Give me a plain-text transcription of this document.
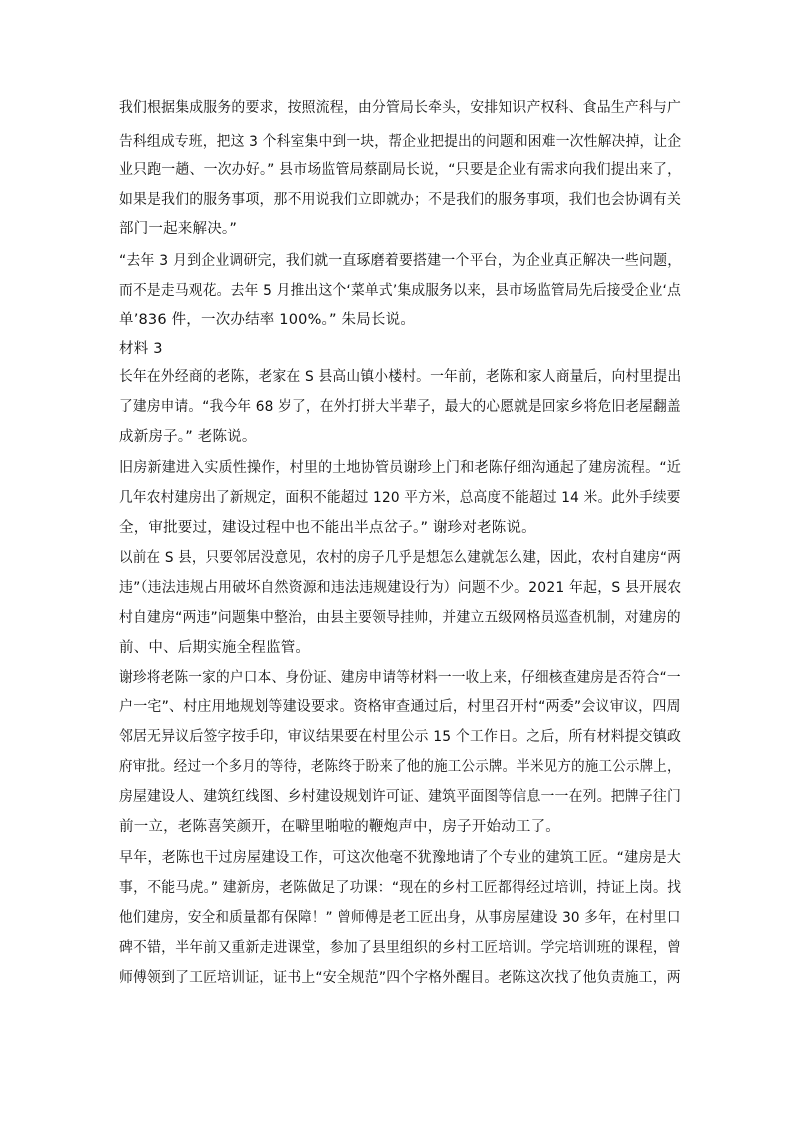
我们根据集成服务的要求，按照流程，由分管局长牵头，安排知识产权科、食品生产科与广
告科组成专班，把这 3 个科室集中到一块，帮企业把提出的问题和困难一次性解决掉，让企
业只跑一趟、一次办好。” 县市场监管局蔡副局长说，“只要是企业有需求向我们提出来了，
如果是我们的服务事项，那不用说我们立即就办；不是我们的服务事项，我们也会协调有关
部门一起来解决。”
“去年 3 月到企业调研完，我们就一直琢磨着要搭建一个平台，为企业真正解决一些问题，
而不是走马观花。去年 5 月推出这个‘菜单式’集成服务以来，县市场监管局先后接受企业‘点
单’836 件，一次办结率 100%。” 朱局长说。
材料 3
长年在外经商的老陈，老家在 S 县高山镇小楼村。一年前，老陈和家人商量后，向村里提出
了建房申请。“我今年 68 岁了，在外打拼大半辈子，最大的心愿就是回家乡将危旧老屋翻盖
成新房子。” 老陈说。
旧房新建进入实质性操作，村里的土地协管员谢珍上门和老陈仔细沟通起了建房流程。“近
几年农村建房出了新规定，面积不能超过 120 平方米，总高度不能超过 14 米。此外手续要
全，审批要过，建设过程中也不能出半点岔子。” 谢珍对老陈说。
以前在 S 县，只要邻居没意见，农村的房子几乎是想怎么建就怎么建，因此，农村自建房“两
违”（违法违规占用破坏自然资源和违法违规建设行为）问题不少。2021 年起，S 县开展农
村自建房“两违”问题集中整治，由县主要领导挂帅，并建立五级网格员巡查机制，对建房的
前、中、后期实施全程监管。
谢珍将老陈一家的户口本、身份证、建房申请等材料一一收上来，仔细核查建房是否符合“一
户一宅”、村庄用地规划等建设要求。资格审查通过后，村里召开村“两委”会议审议，四周
邻居无异议后签字按手印，审议结果要在村里公示 15 个工作日。之后，所有材料提交镇政
府审批。经过一个多月的等待，老陈终于盼来了他的施工公示牌。半米见方的施工公示牌上，
房屋建设人、建筑红线图、乡村建设规划许可证、建筑平面图等信息一一在列。把牌子往门
前一立，老陈喜笑颜开，在噼里啪啦的鞭炮声中，房子开始动工了。
早年，老陈也干过房屋建设工作，可这次他毫不犹豫地请了个专业的建筑工匠。“建房是大
事，不能马虎。” 建新房，老陈做足了功课：“现在的乡村工匠都得经过培训，持证上岗。找
他们建房，安全和质量都有保障！” 曾师傅是老工匠出身，从事房屋建设 30 多年，在村里口
碑不错，半年前又重新走进课堂，参加了县里组织的乡村工匠培训。学完培训班的课程，曾
师傅领到了工匠培训证，证书上“安全规范”四个字格外醒目。老陈这次找了他负责施工，两
